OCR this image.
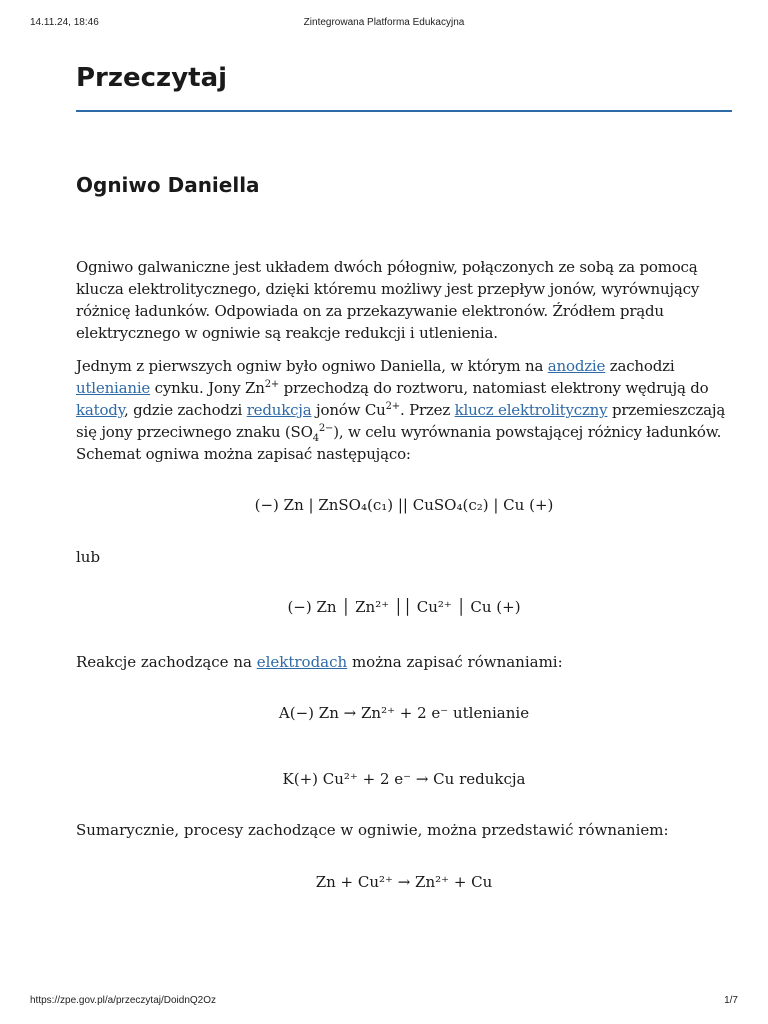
14.11.24, 18:46	Zintegrowana Platforma Edukacyjna
Przeczytaj
Ogniwo Daniella

Ogniwo galwaniczne jest układem dwóch półogniw, połączonych ze sobą za pomocą klucza elektrolitycznego, dzięki któremu możliwy jest przepływ jonów, wyrównujący różnicę ładunków. Odpowiada on za przekazywanie elektronów. Źródłem prądu elektrycznego w ogniwie są reakcje redukcji i utlenienia.

Jednym z pierwszych ogniw było ogniwo Daniella, w którym na anodzie zachodzi utlenianie cynku. Jony $Zn^{2+}$ przechodzą do roztworu, natomiast elektrony wędrują do katody, gdzie zachodzi redukcja jonów $Cu^{2+}$. Przez klucz elektrolityczny przemieszczają się jony przeciwnego znaku $(SO_4^{2-})$, w celu wyrównania powstającej różnicy ładunków. Schemat ogniwa można zapisać następująco:

(−) Zn | ZnSO₄(c₁) || CuSO₄(c₂) | Cu (+)

lub

(−) Zn │ Zn²⁺ ││ Cu²⁺ │ Cu (+)

Reakcje zachodzące na elektrodach można zapisać równaniami:

A(−) Zn → Zn²⁺ + 2 e⁻ utlenianie
K(+) Cu²⁺ + 2 e⁻ → Cu redukcja

Sumarycznie, procesy zachodzące w ogniwie, można przedstawić równaniem:

Zn + Cu²⁺ → Zn²⁺ + Cu
https://zpe.gov.pl/a/przeczytaj/DoidnQ2Oz	1/7
